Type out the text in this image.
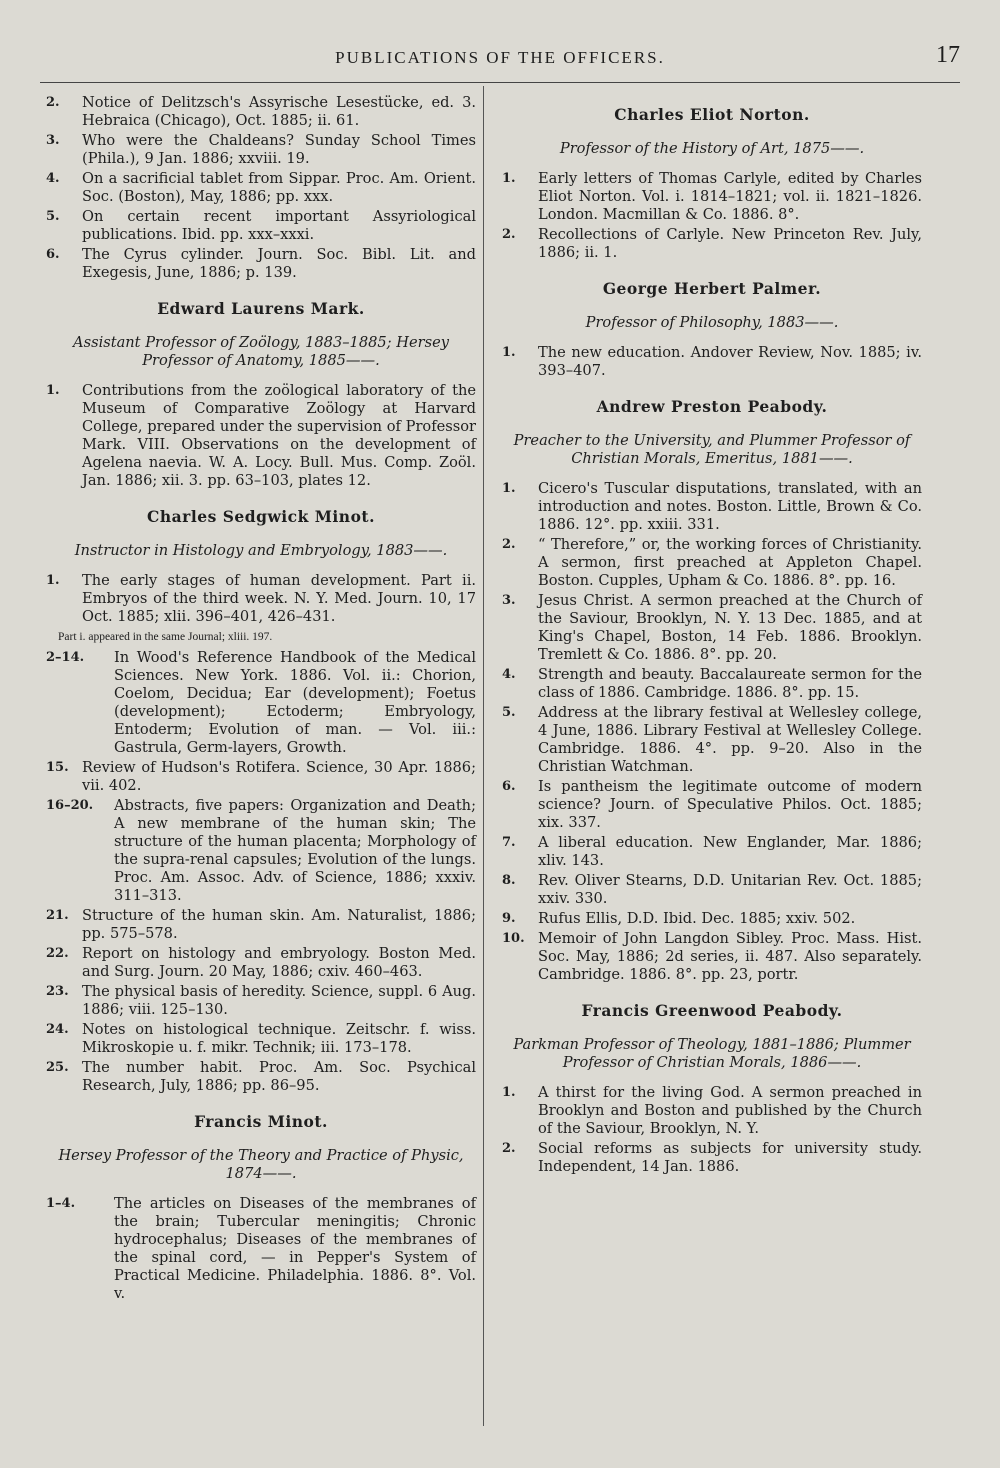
PUBLICATIONS OF THE OFFICERS.	17
2.	Notice of Delitzsch's Assyrische Lesestücke, ed. 3. Hebraica (Chicago), Oct. 1885; ii. 61.
3.	Who were the Chaldeans? Sunday School Times (Phila.), 9 Jan. 1886; xxviii. 19.
4.	On a sacrificial tablet from Sippar. Proc. Am. Orient. Soc. (Boston), May, 1886; pp. xxx.
5.	On certain recent important Assyriological publications. Ibid. pp. xxx–xxxi.
6.	The Cyrus cylinder. Journ. Soc. Bibl. Lit. and Exegesis, June, 1886; p. 139.
Edward Laurens Mark.
Assistant Professor of Zoölogy, 1883–1885; Hersey Professor of Anatomy, 1885——.
1.	Contributions from the zoölogical laboratory of the Museum of Comparative Zoölogy at Harvard College, prepared under the supervision of Professor Mark. VIII. Observations on the development of Agelena naevia. W. A. Locy. Bull. Mus. Comp. Zoöl. Jan. 1886; xii. 3. pp. 63–103, plates 12.
Charles Sedgwick Minot.
Instructor in Histology and Embryology, 1883——.
1.	The early stages of human development. Part ii. Embryos of the third week. N. Y. Med. Journ. 10, 17 Oct. 1885; xlii. 396–401, 426–431.
Part i. appeared in the same Journal; xliii. 197.
2–14.	In Wood's Reference Handbook of the Medical Sciences. New York. 1886. Vol. ii.: Chorion, Coelom, Decidua; Ear (development); Foetus (development); Ectoderm; Embryology, Entoderm; Evolution of man. — Vol. iii.: Gastrula, Germ-layers, Growth.
15. Review of Hudson's Rotifera. Science, 30 Apr. 1886; vii. 402.
16–20.	Abstracts, five papers: Organization and Death; A new membrane of the human skin; The structure of the human placenta; Morphology of the supra-renal capsules; Evolution of the lungs. Proc. Am. Assoc. Adv. of Science, 1886; xxxiv. 311–313.
21. Structure of the human skin. Am. Naturalist, 1886; pp. 575–578.
22. Report on histology and embryology. Boston Med. and Surg. Journ. 20 May, 1886; cxiv. 460–463.
23. The physical basis of heredity. Science, suppl. 6 Aug. 1886; viii. 125–130.
24. Notes on histological technique. Zeitschr. f. wiss. Mikroskopie u. f. mikr. Technik; iii. 173–178.
25. The number habit. Proc. Am. Soc. Psychical Research, July, 1886; pp. 86–95.
Francis Minot.
Hersey Professor of the Theory and Practice of Physic, 1874——.
1–4.	The articles on Diseases of the membranes of the brain; Tubercular meningitis; Chronic hydrocephalus; Diseases of the membranes of the spinal cord, — in Pepper's System of Practical Medicine. Philadelphia. 1886. 8°. Vol. v.
Charles Eliot Norton.
Professor of the History of Art, 1875——.
1.	Early letters of Thomas Carlyle, edited by Charles Eliot Norton. Vol. i. 1814–1821; vol. ii. 1821–1826. London. Macmillan & Co. 1886. 8°.
2.	Recollections of Carlyle. New Princeton Rev. July, 1886; ii. 1.
George Herbert Palmer.
Professor of Philosophy, 1883——.
1.	The new education. Andover Review, Nov. 1885; iv. 393–407.
Andrew Preston Peabody.
Preacher to the University, and Plummer Professor of Christian Morals, Emeritus, 1881——.
1.	Cicero's Tuscular disputations, translated, with an introduction and notes. Boston. Little, Brown & Co. 1886. 12°. pp. xxiii. 331.
2.	“ Therefore,” or, the working forces of Christianity. A sermon, first preached at Appleton Chapel. Boston. Cupples, Upham & Co. 1886. 8°. pp. 16.
3.	Jesus Christ. A sermon preached at the Church of the Saviour, Brooklyn, N. Y. 13 Dec. 1885, and at King's Chapel, Boston, 14 Feb. 1886. Brooklyn. Tremlett & Co. 1886. 8°. pp. 20.
4.	Strength and beauty. Baccalaureate sermon for the class of 1886. Cambridge. 1886. 8°. pp. 15.
5.	Address at the library festival at Wellesley college, 4 June, 1886. Library Festival at Wellesley College. Cambridge. 1886. 4°. pp. 9–20. Also in the Christian Watchman.
6.	Is pantheism the legitimate outcome of modern science? Journ. of Speculative Philos. Oct. 1885; xix. 337.
7.	A liberal education. New Englander, Mar. 1886; xliv. 143.
8.	Rev. Oliver Stearns, D.D. Unitarian Rev. Oct. 1885; xxiv. 330.
9.	Rufus Ellis, D.D. Ibid. Dec. 1885; xxiv. 502.
10. Memoir of John Langdon Sibley. Proc. Mass. Hist. Soc. May, 1886; 2d series, ii. 487. Also separately. Cambridge. 1886. 8°. pp. 23, portr.
Francis Greenwood Peabody.
Parkman Professor of Theology, 1881–1886; Plummer Professor of Christian Morals, 1886——.
1.	A thirst for the living God. A sermon preached in Brooklyn and Boston and published by the Church of the Saviour, Brooklyn, N. Y.
2.	Social reforms as subjects for university study. Independent, 14 Jan. 1886.
